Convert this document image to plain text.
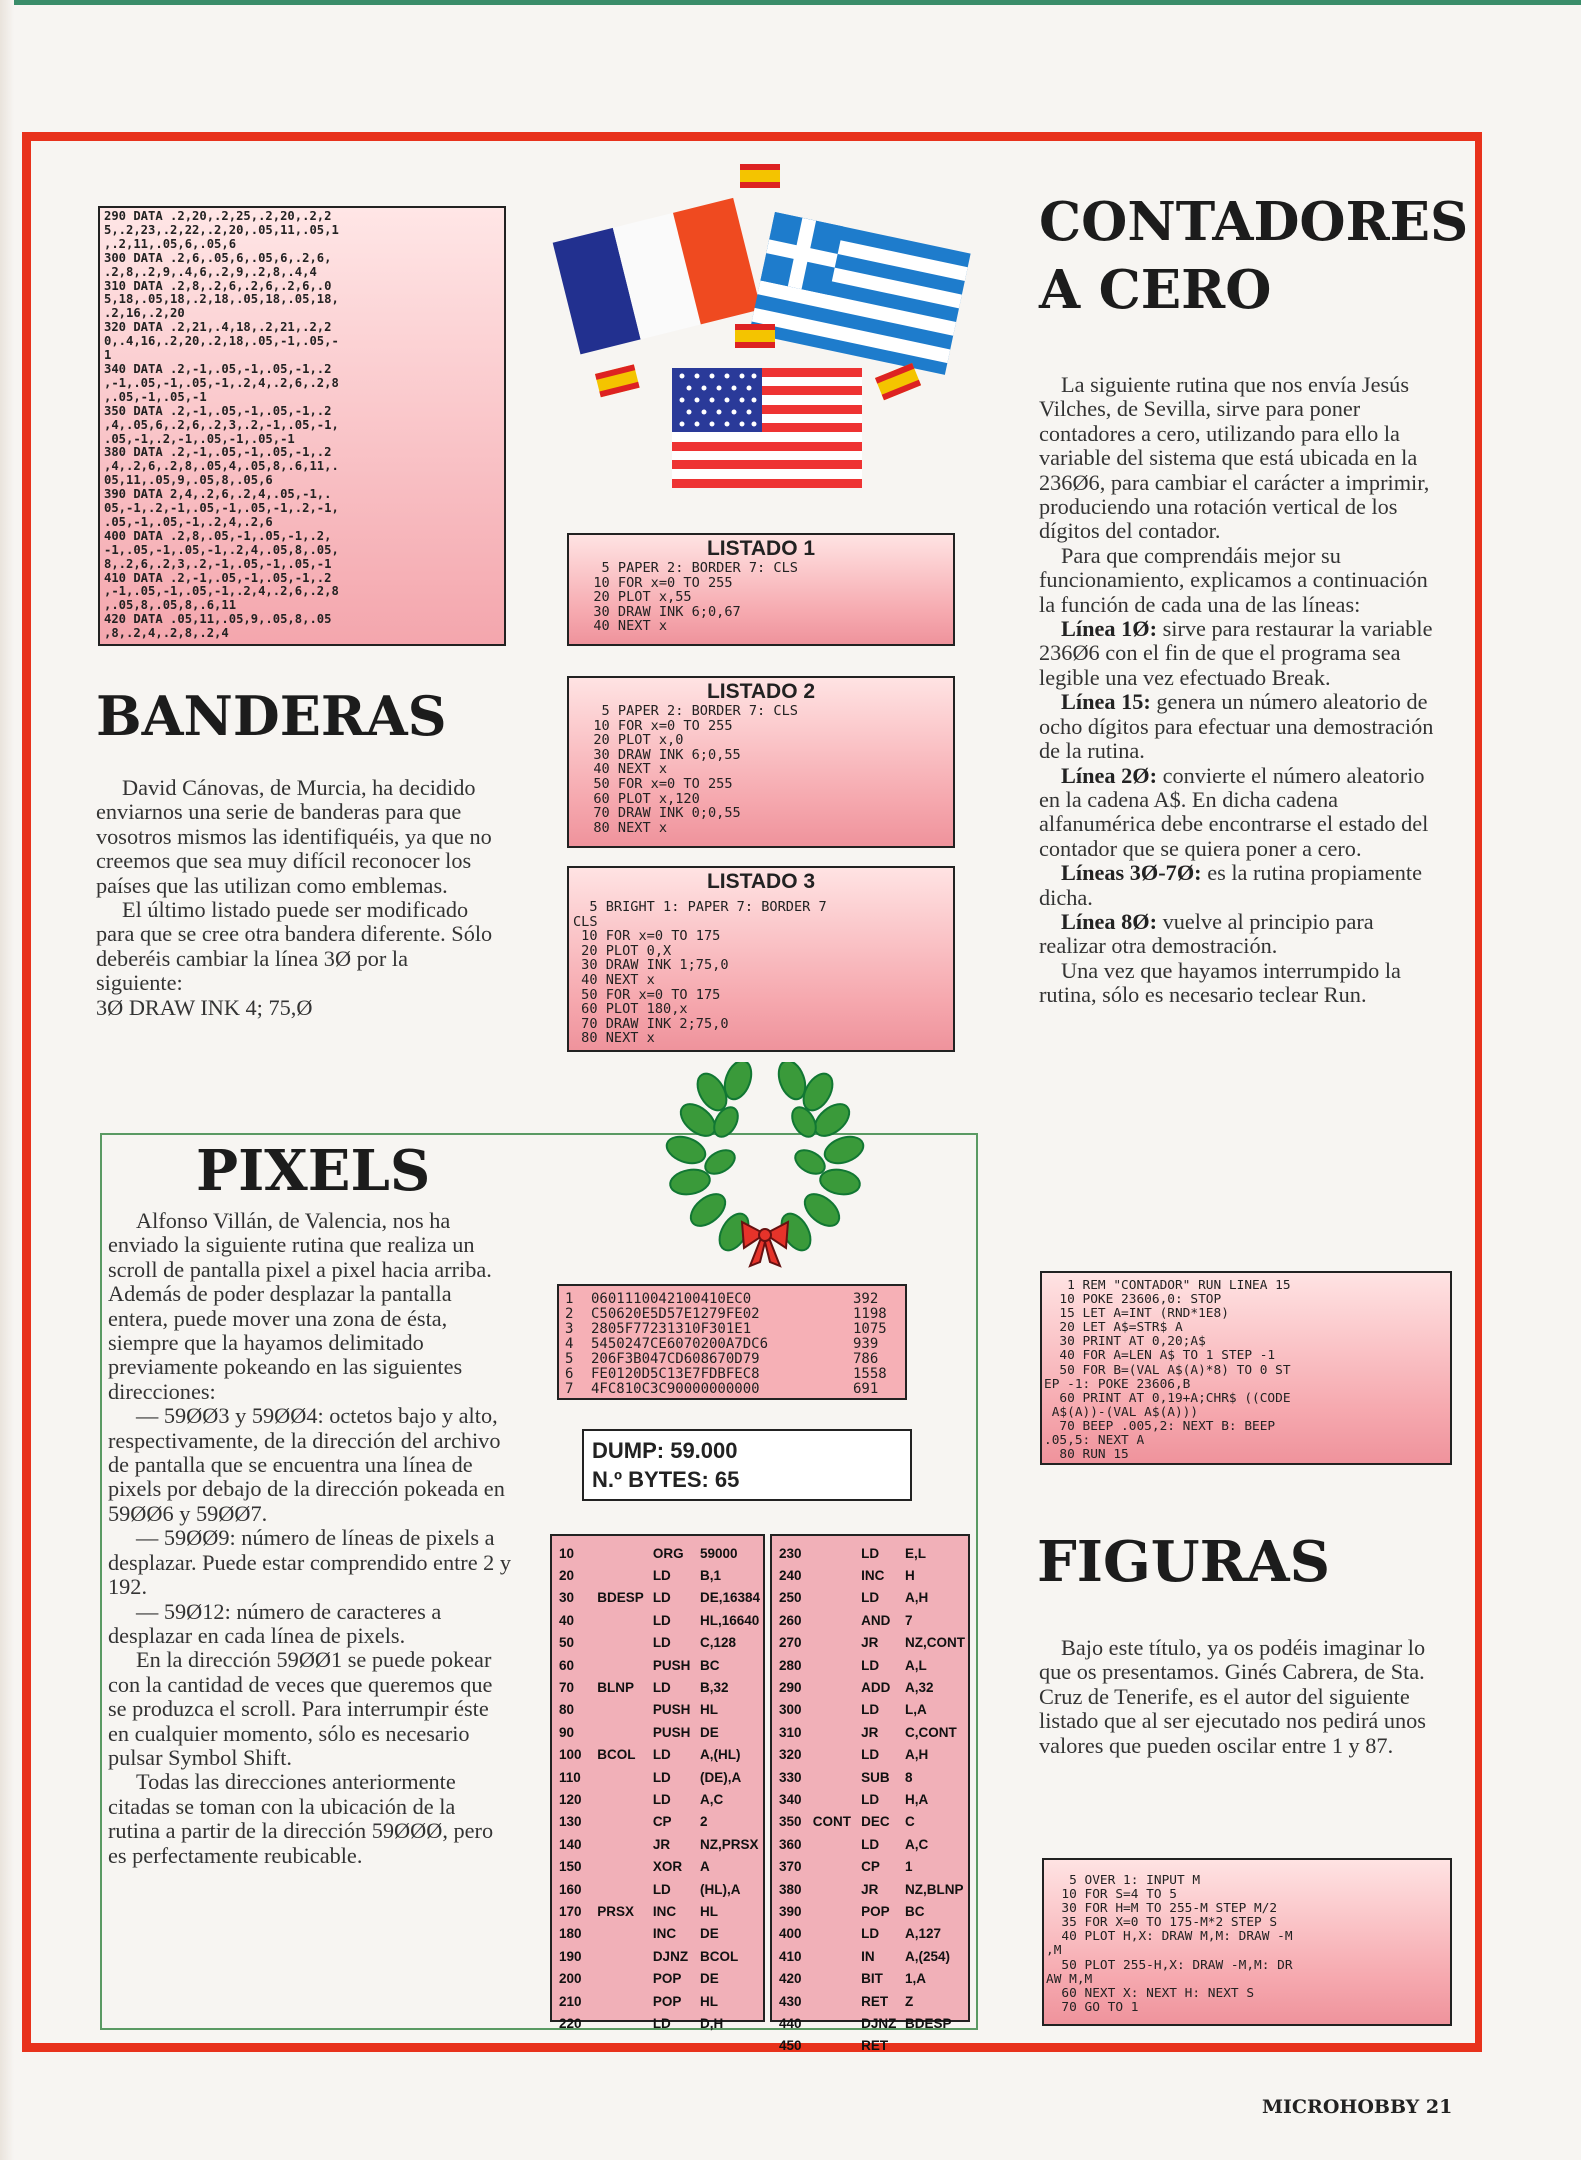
290 DATA .2,20,.2,25,.2,20,.2,2
5,.2,23,.2,22,.2,20,.05,11,.05,1
,.2,11,.05,6,.05,6
300 DATA .2,6,.05,6,.05,6,.2,6,
.2,8,.2,9,.4,6,.2,9,.2,8,.4,4
310 DATA .2,8,.2,6,.2,6,.2,6,.0
5,18,.05,18,.2,18,.05,18,.05,18,
.2,16,.2,20
320 DATA .2,21,.4,18,.2,21,.2,2
0,.4,16,.2,20,.2,18,.05,-1,.05,-
1
340 DATA .2,-1,.05,-1,.05,-1,.2
,-1,.05,-1,.05,-1,.2,4,.2,6,.2,8
,.05,-1,.05,-1
350 DATA .2,-1,.05,-1,.05,-1,.2
,4,.05,6,.2,6,.2,3,.2,-1,.05,-1,
.05,-1,.2,-1,.05,-1,.05,-1
380 DATA .2,-1,.05,-1,.05,-1,.2
,4,.2,6,.2,8,.05,4,.05,8,.6,11,.
05,11,.05,9,.05,8,.05,6
390 DATA 2,4,.2,6,.2,4,.05,-1,.
05,-1,.2,-1,.05,-1,.05,-1,.2,-1,
.05,-1,.05,-1,.2,4,.2,6
400 DATA .2,8,.05,-1,.05,-1,.2,
-1,.05,-1,.05,-1,.2,4,.05,8,.05,
8,.2,6,.2,3,.2,-1,.05,-1,.05,-1
410 DATA .2,-1,.05,-1,.05,-1,.2
,-1,.05,-1,.05,-1,.2,4,.2,6,.2,8
,.05,8,.05,8,.6,11
420 DATA .05,11,.05,9,.05,8,.05
,8,.2,4,.2,8,.2,4

LISTADO 1

5 PAPER 2: BORDER 7: CLS
10 FOR x=0 TO 255
20 PLOT x,55
30 DRAW INK 6;0,67
40 NEXT x

LISTADO 2

5 PAPER 2: BORDER 7: CLS
10 FOR x=0 TO 255
20 PLOT x,0
30 DRAW INK 6;0,55
40 NEXT x
50 FOR x=0 TO 255
60 PLOT x,120
70 DRAW INK 0;0,55
80 NEXT x

LISTADO 3

5 BRIGHT 1: PAPER 7: BORDER 7
CLS
10 FOR x=0 TO 175
20 PLOT 0,X
30 DRAW INK 1;75,0
40 NEXT x
50 FOR x=0 TO 175
60 PLOT 180,x
70 DRAW INK 2;75,0
80 NEXT x
BANDERAS

David Cánovas, de Murcia, ha decidido enviarnos una serie de banderas para que vosotros mismos las identifiquéis, ya que no creemos que sea muy difícil reconocer los países que las utilizan como emblemas.

El último listado puede ser modificado para que se cree otra bandera diferente. Sólo deberéis cambiar la línea 3Ø por la siguiente:

3Ø DRAW INK 4; 75,Ø

PIXELS

Alfonso Villán, de Valencia, nos ha enviado la siguiente rutina que realiza un scroll de pantalla pixel a pixel hacia arriba. Además de poder desplazar la pantalla entera, puede mover una zona de ésta, siempre que la hayamos delimitado previamente pokeando en las siguientes direcciones:

— 59ØØ3 y 59ØØ4: octetos bajo y alto, respectivamente, de la dirección del archivo de pantalla que se encuentra una línea de pixels por debajo de la dirección pokeada en 59ØØ6 y 59ØØ7.

— 59ØØ9: número de líneas de pixels a desplazar. Puede estar comprendido entre 2 y 192.

— 59Ø12: número de caracteres a desplazar en cada línea de pixels.

En la dirección 59ØØ1 se puede pokear con la cantidad de veces que queremos que se produzca el scroll. Para interrumpir éste en cualquier momento, sólo es necesario pulsar Symbol Shift.

Todas las direcciones anteriormente citadas se toman con la ubicación de la rutina a partir de la dirección 59ØØØ, pero es perfectamente reubicable.

1 0601110042100410EC0	392
2 C50620E5D57E1279FE02	1198
3 2805F77231310F301E1	1075
4 5450247CE6070200A7DC6	939
5 206F3B047CD608670D79	786
6 FE0120D5C13E7FDBFEC8	1558
7 4FC810C3C90000000000	691
DUMP: 59.000
N.º BYTES: 65
10		ORG	59000
20		LD	B,1
30	BDESP	LD	DE,16384
40		LD	HL,16640
50		LD	C,128
60		PUSH	BC
70	BLNP	LD	B,32
80		PUSH	HL
90		PUSH	DE
100	BCOL	LD	A,(HL)
110		LD	(DE),A
120		LD	A,C
130		CP	2
140		JR	NZ,PRSX
150		XOR	A
160		LD	(HL),A
170	PRSX	INC	HL
180		INC	DE
190		DJNZ	BCOL
200		POP	DE
210		POP	HL
220		LD	D,H
230		LD	E,L
240		INC	H
250		LD	A,H
260		AND	7
270		JR	NZ,CONT
280		LD	A,L
290		ADD	A,32
300		LD	L,A
310		JR	C,CONT
320		LD	A,H
330		SUB	8
340		LD	H,A
350	CONT	DEC	C
360		LD	A,C
370		CP	1
380		JR	NZ,BLNP
390		POP	BC
400		LD	A,127
410		IN	A,(254)
420		BIT	1,A
430		RET	Z
440		DJNZ	BDESP
450		RET	
CONTADORES
A CERO

La siguiente rutina que nos envía Jesús Vilches, de Sevilla, sirve para poner contadores a cero, utilizando para ello la variable del sistema que está ubicada en la 236Ø6, para cambiar el carácter a imprimir, produciendo una rotación vertical de los dígitos del contador.

Para que comprendáis mejor su funcionamiento, explicamos a continuación la función de cada una de las líneas:

Línea 1Ø: sirve para restaurar la variable 236Ø6 con el fin de que el programa sea legible una vez efectuado Break.

Línea 15: genera un número aleatorio de ocho dígitos para efectuar una demostración de la rutina.

Línea 2Ø: convierte el número aleatorio en la cadena A$. En dicha cadena alfanumérica debe encontrarse el estado del contador que se quiera poner a cero.

Líneas 3Ø-7Ø: es la rutina propiamente dicha.

Línea 8Ø: vuelve al principio para realizar otra demostración.

Una vez que hayamos interrumpido la rutina, sólo es necesario teclear Run.

1 REM "CONTADOR" RUN LINEA 15
10 POKE 23606,0: STOP
15 LET A=INT (RND*1E8)
20 LET A$=STR$ A
30 PRINT AT 0,20;A$
40 FOR A=LEN A$ TO 1 STEP -1
50 FOR B=(VAL A$(A)*8) TO 0 ST
EP -1: POKE 23606,B
60 PRINT AT 0,19+A;CHR$ ((CODE
A$(A))-(VAL A$(A)))
70 BEEP .005,2: NEXT B: BEEP
.05,5: NEXT A
80 RUN 15
FIGURAS

Bajo este título, ya os podéis imaginar lo que os presentamos. Ginés Cabrera, de Sta. Cruz de Tenerife, es el autor del siguiente listado que al ser ejecutado nos pedirá unos valores que pueden oscilar entre 1 y 87.

5 OVER 1: INPUT M
10 FOR S=4 TO 5
30 FOR H=M TO 255-M STEP M/2
35 FOR X=0 TO 175-M*2 STEP S
40 PLOT H,X: DRAW M,M: DRAW -M
,M
50 PLOT 255-H,X: DRAW -M,M: DR
AW M,M
60 NEXT X: NEXT H: NEXT S
70 GO TO 1
MICROHOBBY 21
